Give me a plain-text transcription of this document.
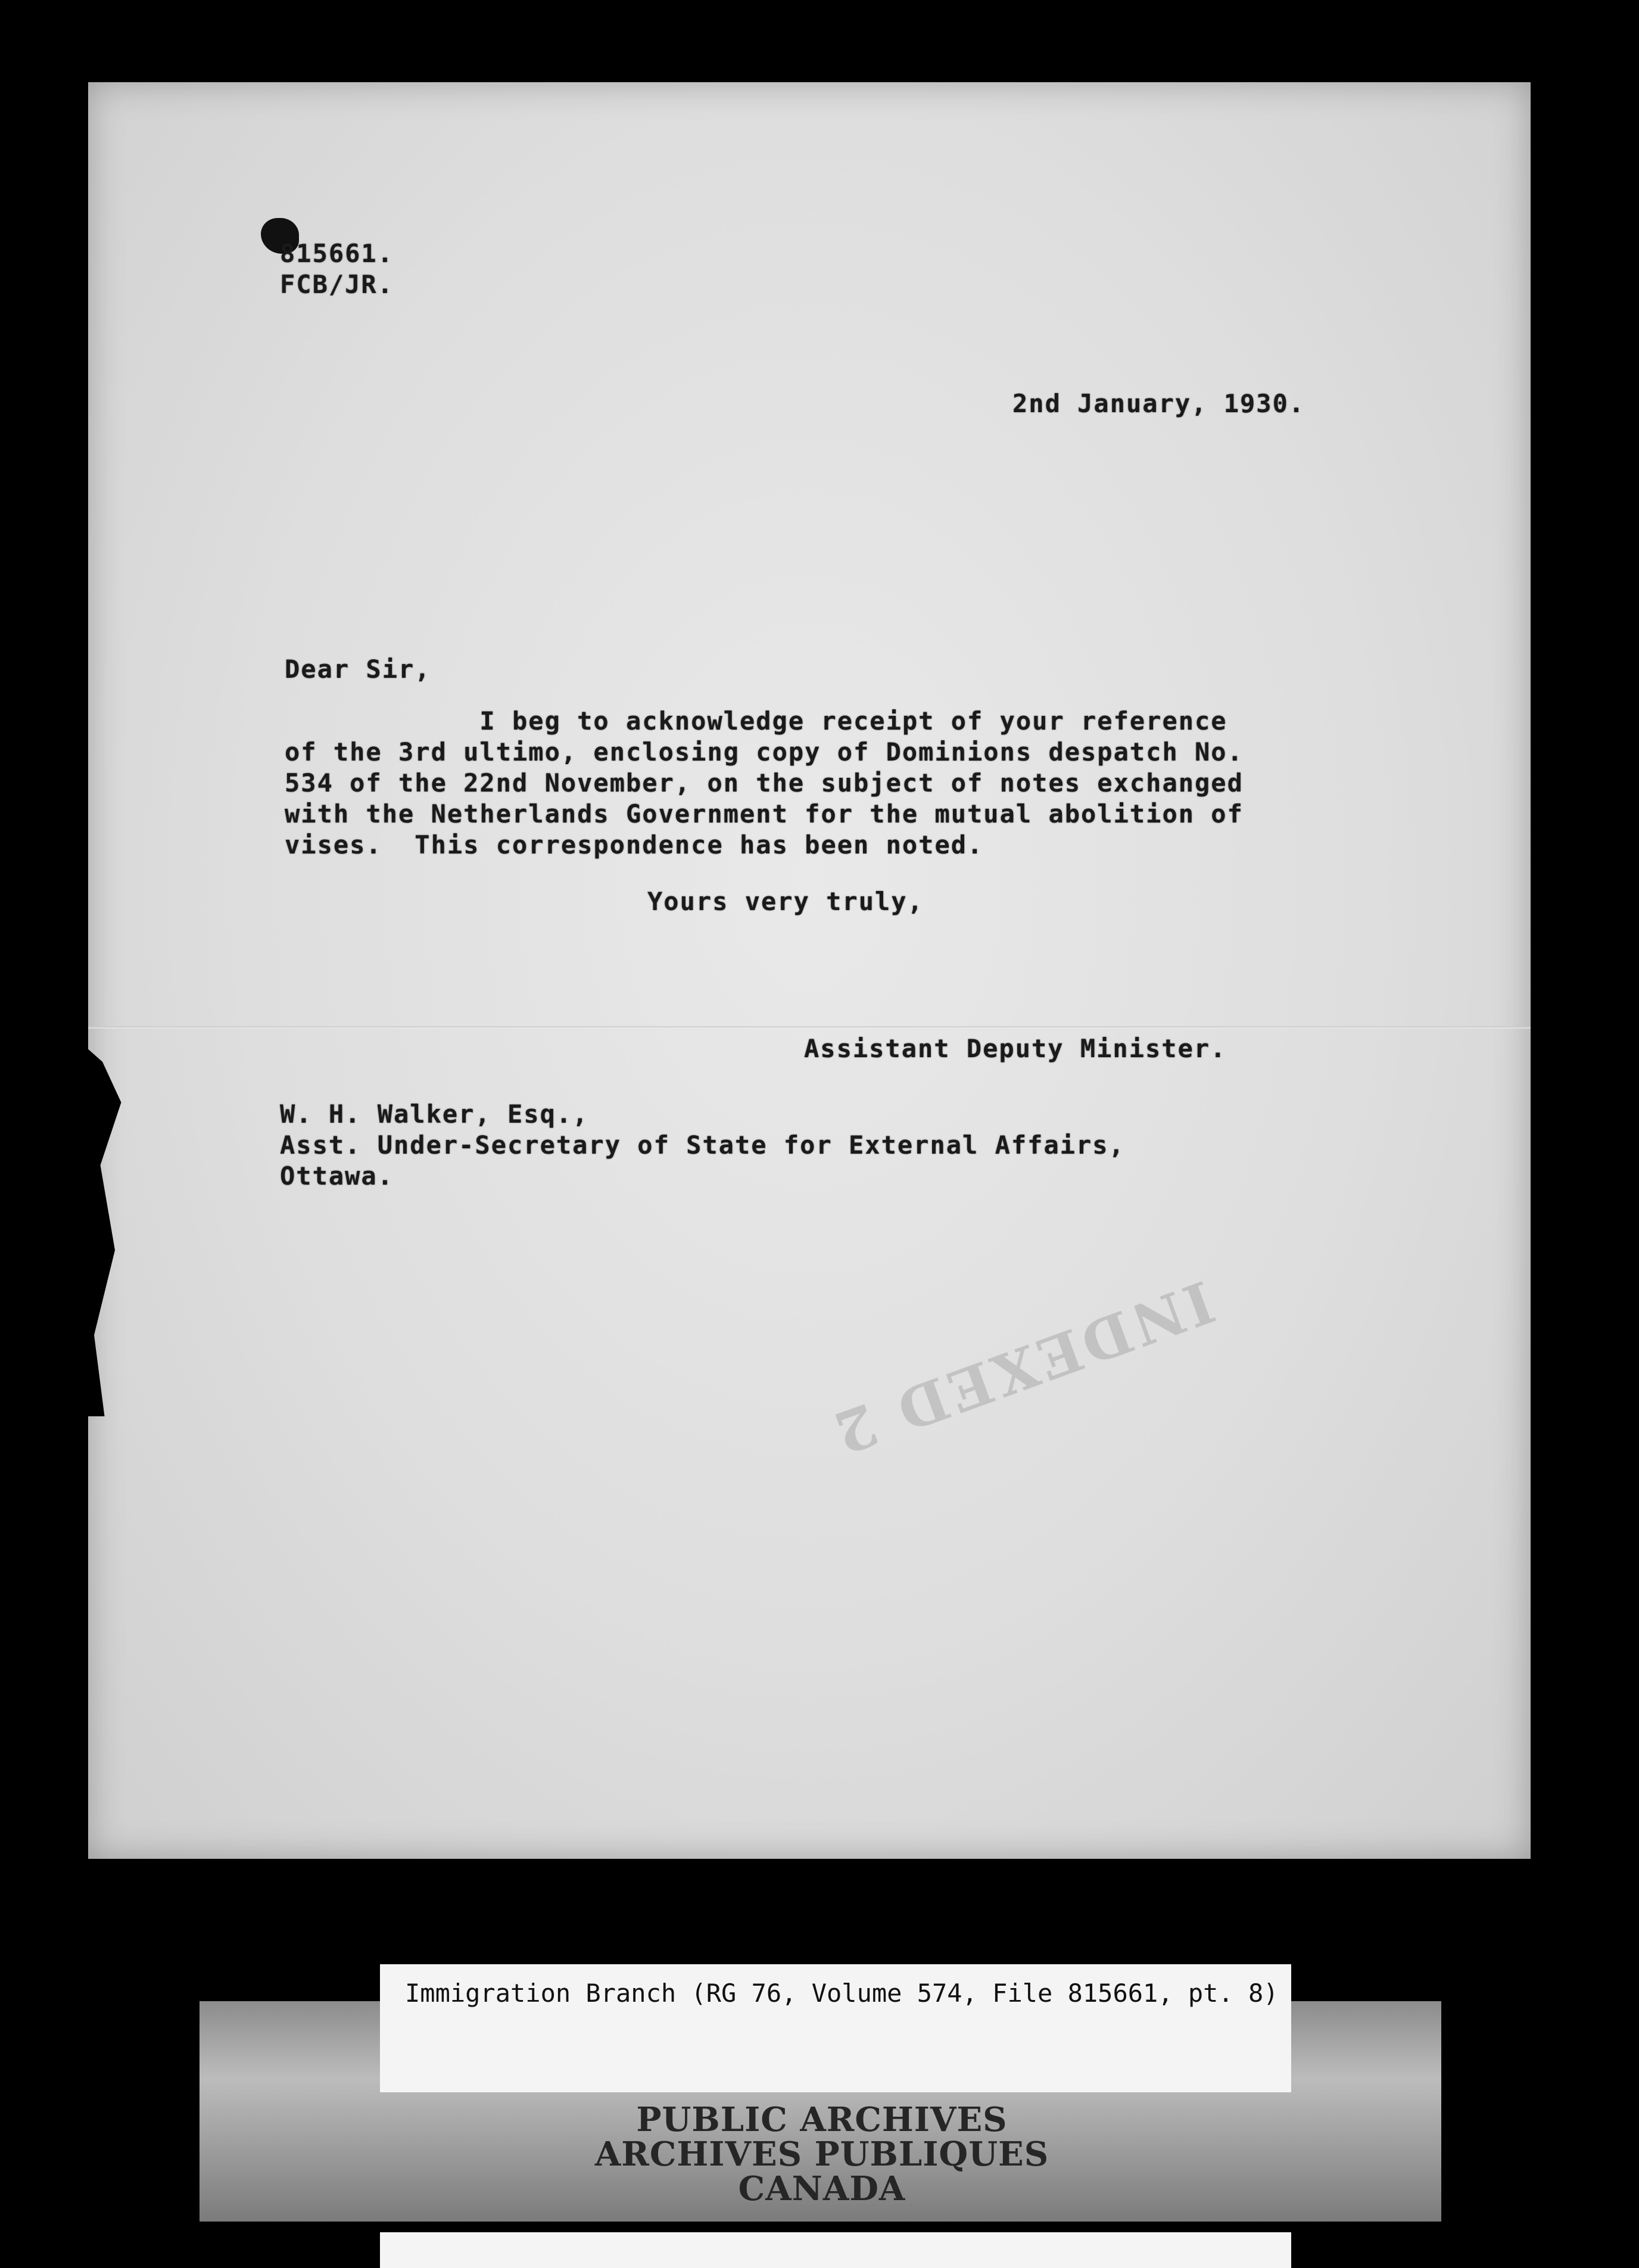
815661.
FCB/JR.
2nd January, 1930.
Dear Sir,
I beg to acknowledge receipt of your reference
of the 3rd ultimo, enclosing copy of Dominions despatch No.
534 of the 22nd November, on the subject of notes exchanged
with the Netherlands Government for the mutual abolition of
vises.  This correspondence has been noted.
Yours very truly,
Assistant Deputy Minister.
W. H. Walker, Esq.,
Asst. Under-Secretary of State for External Affairs,
Ottawa.
INDEXED 2
Immigration Branch (RG 76, Volume 574, File 815661, pt. 8)
PUBLIC ARCHIVES
ARCHIVES PUBLIQUES
CANADA
